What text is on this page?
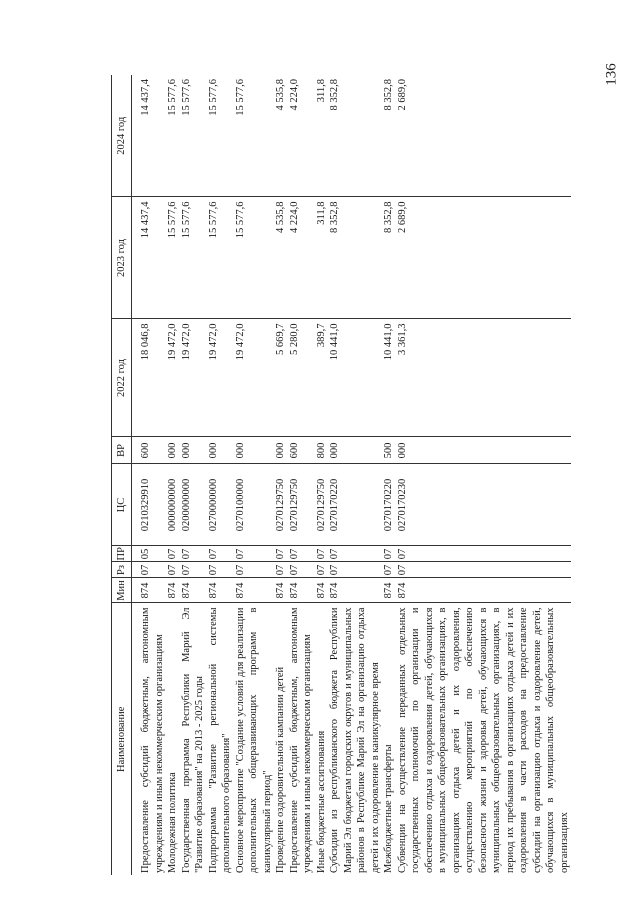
136
Наименование	Мин	Рз	ПР	ЦС	ВР	2022 год	2023 год	2024 год

Предоставление субсидий бюджетным, автономным учреждениям и иным некоммерческим организациям	874	07	05	0210329910	600	18 046,8	14 437,4	14 437,4
Молодежная политика	874	07	07	0000000000	000	19 472,0	15 577,6	15 577,6
Государственная программа Республики Марий Эл "Развитие образования" на 2013 - 2025 годы	874	07	07	0200000000	000	19 472,0	15 577,6	15 577,6
Подпрограмма "Развитие региональной системы дополнительного образования"	874	07	07	0270000000	000	19 472,0	15 577,6	15 577,6
Основное мероприятие "Создание условий для реализации дополнительных общеразвивающих программ в каникулярный период"	874	07	07	0270100000	000	19 472,0	15 577,6	15 577,6
Проведение оздоровительной кампании детей	874	07	07	0270129750	000	5 669,7	4 535,8	4 535,8
Предоставление субсидий бюджетным, автономным учреждениям и иным некоммерческим организациям	874	07	07	0270129750	600	5 280,0	4 224,0	4 224,0
Иные бюджетные ассигнования	874	07	07	0270129750	800	389,7	311,8	311,8
Субсидии из республиканского бюджета Республики Марий Эл бюджетам городских округов и муниципальных районов в Республике Марий Эл на организацию отдыха детей и их оздоровление в каникулярное время	874	07	07	0270170220	000	10 441,0	8 352,8	8 352,8
Межбюджетные трансферты	874	07	07	0270170220	500	10 441,0	8 352,8	8 352,8
Субвенции на осуществление переданных отдельных государственных полномочий по организации и обеспечению отдыха и оздоровления детей, обучающихся в муниципальных общеобразовательных организациях, в организациях отдыха детей и их оздоровления, осуществлению мероприятий по обеспечению безопасности жизни и здоровья детей, обучающихся в муниципальных общеобразовательных организациях, в период их пребывания в организациях отдыха детей и их оздоровления в части расходов на предоставление субсидий на организацию отдыха и оздоровление детей, обучающихся в муниципальных общеобразовательных организациях	874	07	07	0270170230	000	3 361,3	2 689,0	2 689,0
